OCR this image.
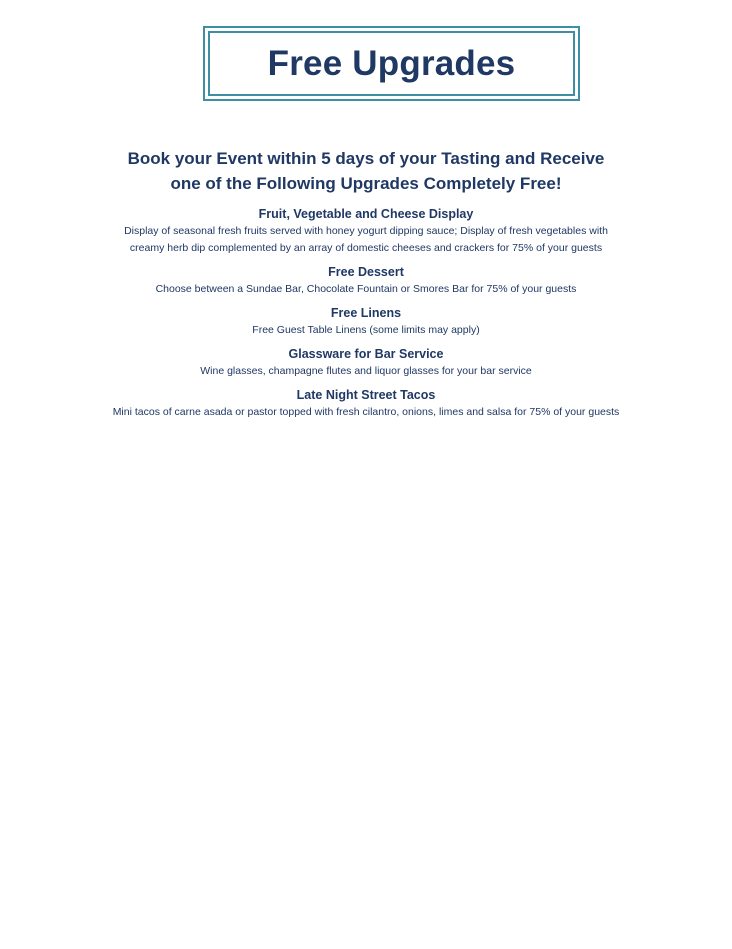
Free Upgrades
Book your Event within 5 days of your Tasting and Receive
one of the Following Upgrades Completely Free!
Fruit, Vegetable and Cheese Display
Display of seasonal fresh fruits served with honey yogurt dipping sauce; Display of fresh vegetables with creamy herb dip complemented by an array of domestic cheeses and crackers for 75% of your guests
Free Dessert
Choose between a Sundae Bar, Chocolate Fountain or Smores Bar for 75% of your guests
Free Linens
Free Guest Table Linens (some limits may apply)
Glassware for Bar Service
Wine glasses, champagne flutes and liquor glasses for your bar service
Late Night Street Tacos
Mini tacos of carne asada or pastor topped with fresh cilantro, onions, limes and salsa for 75% of your guests
